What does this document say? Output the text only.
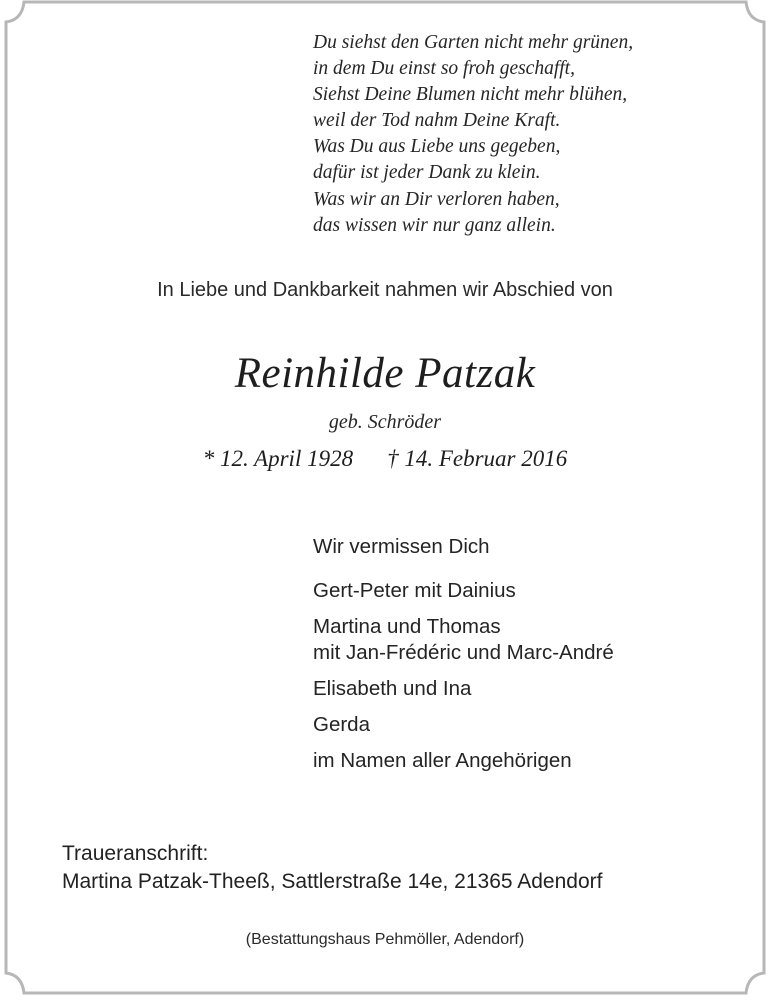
Du siehst den Garten nicht mehr grünen,
in dem Du einst so froh geschafft,
Siehst Deine Blumen nicht mehr blühen,
weil der Tod nahm Deine Kraft.
Was Du aus Liebe uns gegeben,
dafür ist jeder Dank zu klein.
Was wir an Dir verloren haben,
das wissen wir nur ganz allein.
In Liebe und Dankbarkeit nahmen wir Abschied von
Reinhilde Patzak
geb. Schröder
* 12. April 1928 † 14. Februar 2016
Wir vermissen Dich
Gert-Peter mit Dainius
Martina und Thomas
mit Jan-Frédéric und Marc-André
Elisabeth und Ina
Gerda
im Namen aller Angehörigen
Traueranschrift:
Martina Patzak-Theeß, Sattlerstraße 14e, 21365 Adendorf
(Bestattungshaus Pehmöller, Adendorf)
